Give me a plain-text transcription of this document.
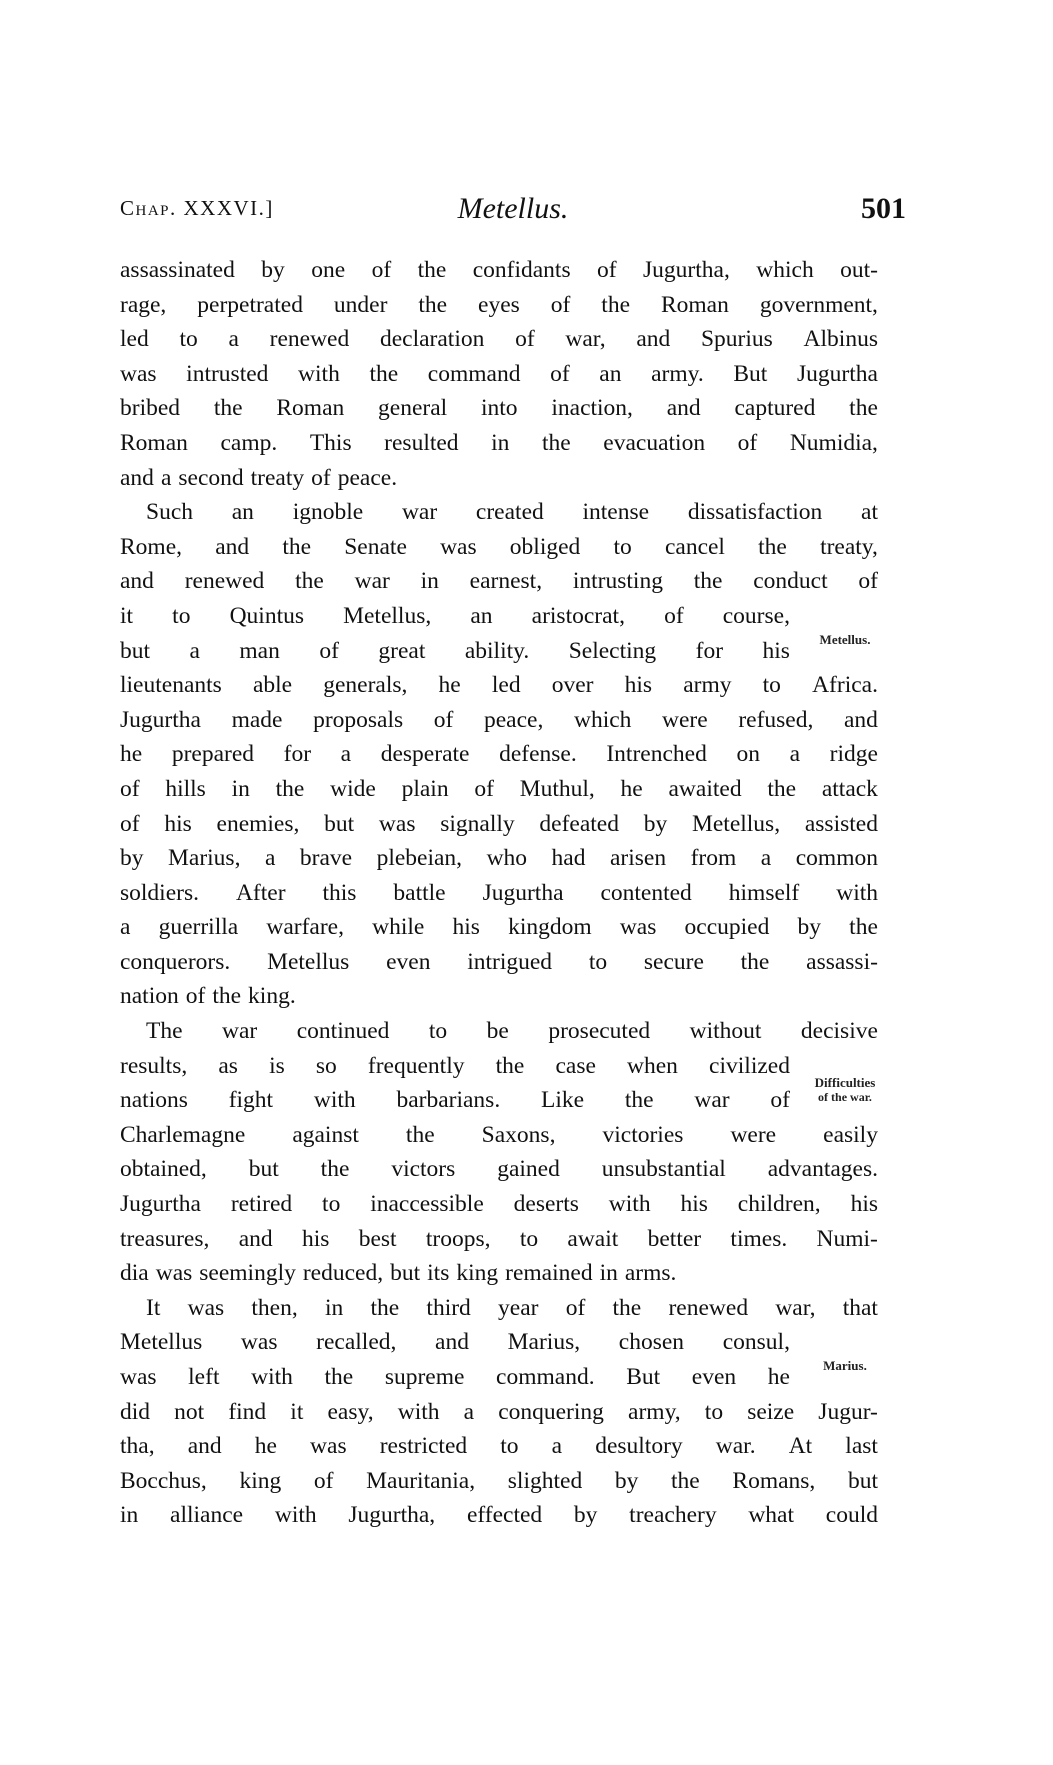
Chap. XXXVI.]	Metellus.	501
assassinated by one of the confidants of Jugurtha, which out-
rage, perpetrated under the eyes of the Roman government,
led to a renewed declaration of war, and Spurius Albinus
was intrusted with the command of an army. But Jugurtha
bribed the Roman general into inaction, and captured the
Roman camp. This resulted in the evacuation of Numidia,
and a second treaty of peace.
Such an ignoble war created intense dissatisfaction at
Rome, and the Senate was obliged to cancel the treaty,
and renewed the war in earnest, intrusting the conduct of
it to Quintus Metellus, an aristocrat, of course,
but a man of great ability. Selecting for his
lieutenants able generals, he led over his army to Africa.
Jugurtha made proposals of peace, which were refused, and
he prepared for a desperate defense. Intrenched on a ridge
of hills in the wide plain of Muthul, he awaited the attack
of his enemies, but was signally defeated by Metellus, assisted
by Marius, a brave plebeian, who had arisen from a common
soldiers. After this battle Jugurtha contented himself with
a guerrilla warfare, while his kingdom was occupied by the
conquerors. Metellus even intrigued to secure the assassi-
nation of the king.
The war continued to be prosecuted without decisive
results, as is so frequently the case when civilized
nations fight with barbarians. Like the war of
Charlemagne against the Saxons, victories were easily
obtained, but the victors gained unsubstantial advantages.
Jugurtha retired to inaccessible deserts with his children, his
treasures, and his best troops, to await better times. Numi-
dia was seemingly reduced, but its king remained in arms.
It was then, in the third year of the renewed war, that
Metellus was recalled, and Marius, chosen consul,
was left with the supreme command. But even he
did not find it easy, with a conquering army, to seize Jugur-
tha, and he was restricted to a desultory war. At last
Bocchus, king of Mauritania, slighted by the Romans, but
in alliance with Jugurtha, effected by treachery what could
Metellus.
Difficulties
of the war.
Marius.
